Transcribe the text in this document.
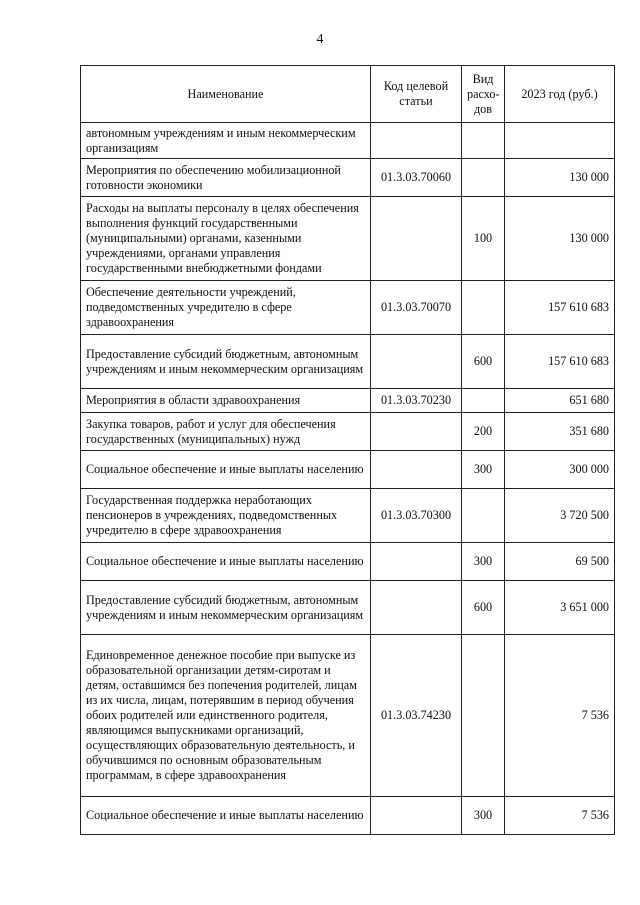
4
Наименование	Код целевой статьи	Вид расхо-дов	2023 год (руб.)
автономным учреждениям и иным некоммерческим организациям			
Мероприятия по обеспечению мобилизационной готовности экономики	01.3.03.70060		130 000
Расходы на выплаты персоналу в целях обеспечения выполнения функций государственными (муниципальными) органами, казенными учреждениями, органами управления государственными внебюджетными фондами		100	130 000
Обеспечение деятельности учреждений, подведомственных учредителю в сфере здравоохранения	01.3.03.70070		157 610 683
Предоставление субсидий бюджетным, автономным учреждениям и иным некоммерческим организациям		600	157 610 683
Мероприятия в области здравоохранения	01.3.03.70230		651 680
Закупка товаров, работ и услуг для обеспечения государственных (муниципальных) нужд		200	351 680
Социальное обеспечение и иные выплаты населению		300	300 000
Государственная поддержка неработающих пенсионеров в учреждениях, подведомственных учредителю в сфере здравоохранения	01.3.03.70300		3 720 500
Социальное обеспечение и иные выплаты населению		300	69 500
Предоставление субсидий бюджетным, автономным учреждениям и иным некоммерческим организациям		600	3 651 000
Единовременное денежное пособие при выпуске из образовательной организации детям-сиротам и детям, оставшимся без попечения родителей, лицам из их числа, лицам, потерявшим в период обучения обоих родителей или единственного родителя, являющимся выпускниками организаций, осуществляющих образовательную деятельность, и обучившимся по основным образовательным программам, в сфере здравоохранения	01.3.03.74230		7 536
Социальное обеспечение и иные выплаты населению		300	7 536
